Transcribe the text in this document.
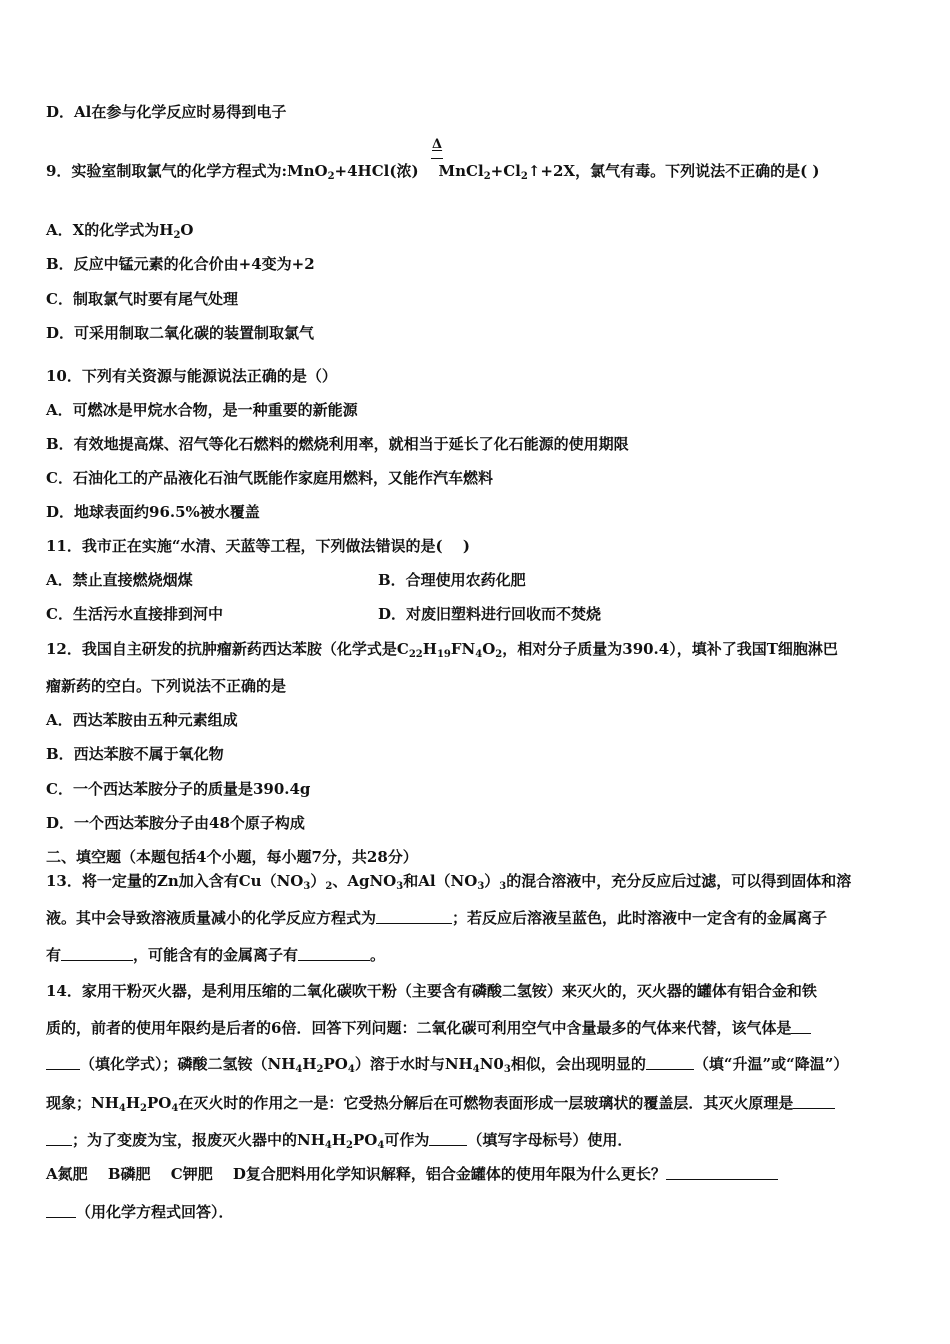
D．Al在参与化学反应时易得到电子
Δ
9．实验室制取氯气的化学方程式为:MnO$_2$+4HCl(浓) $MnCl_2+Cl_2↑+2X$，氯气有毒。下列说法不正确的是( )
A．X的化学式为$H_2O$
B．反应中锰元素的化合价由+4变为+2
C．制取氯气时要有尾气处理
D．可采用制取二氧化碳的装置制取氯气
10．下列有关资源与能源说法正确的是（）
A．可燃冰是甲烷水合物，是一种重要的新能源
B．有效地提高煤、沼气等化石燃料的燃烧利用率，就相当于延长了化石能源的使用期限
C．石油化工的产品液化石油气既能作家庭用燃料，又能作汽车燃料
D．地球表面约96.5%被水覆盖
11．我市正在实施“水清、天蓝等工程，下列做法错误的是(　 )
A．禁止直接燃烧烟煤	B．合理使用农药化肥
C．生活污水直接排到河中	D．对废旧塑料进行回收而不焚烧
12．我国自主研发的抗肿瘤新药西达苯胺（化学式是$C_{22}H_{19}FN_4O_2$，相对分子质量为390.4），填补了我国T细胞淋巴
瘤新药的空白。下列说法不正确的是
A．西达苯胺由五种元素组成
B．西达苯胺不属于氧化物
C．一个西达苯胺分子的质量是390.4g
D．一个西达苯胺分子由48个原子构成
二、填空题（本题包括4个小题，每小题7分，共28分）
13．将一定量的Zn加入含有$Cu(NO_3)_2$、AgNO$_3$和$Al(NO_3)_3$的混合溶液中，充分反应后过滤，可以得到固体和溶
液。其中会导致溶液质量减小的化学反应方程式为	；若反应后溶液呈蓝色，此时溶液中一定含有的金属离子
有	，可能含有的金属离子有	。
14．家用干粉灭火器，是利用压缩的二氧化碳吹干粉（主要含有磷酸二氢铵）来灭火的，灭火器的罐体有铝合金和铁
质的，前者的使用年限约是后者的6倍．回答下列问题：二氧化碳可利用空气中含量最多的气体来代替，该气体是
（填化学式）；磷酸二氢铵$(NH_4H_2PO_4)$溶于水时与$NH_4N0_3$相似，会出现明显的	（填“升温”或“降温”）
现象；$NH_4H_2PO_4$在灭火时的作用之一是：它受热分解后在可燃物表面形成一层玻璃状的覆盖层．其灭火原理是
；为了变废为宝，报废灭火器中的$NH_4H_2PO_4$可作为	（填写字母标号）使用．
A氮肥　 B磷肥　 C钾肥　 D复合肥料用化学知识解释，铝合金罐体的使用年限为什么更长？
（用化学方程式回答）．
